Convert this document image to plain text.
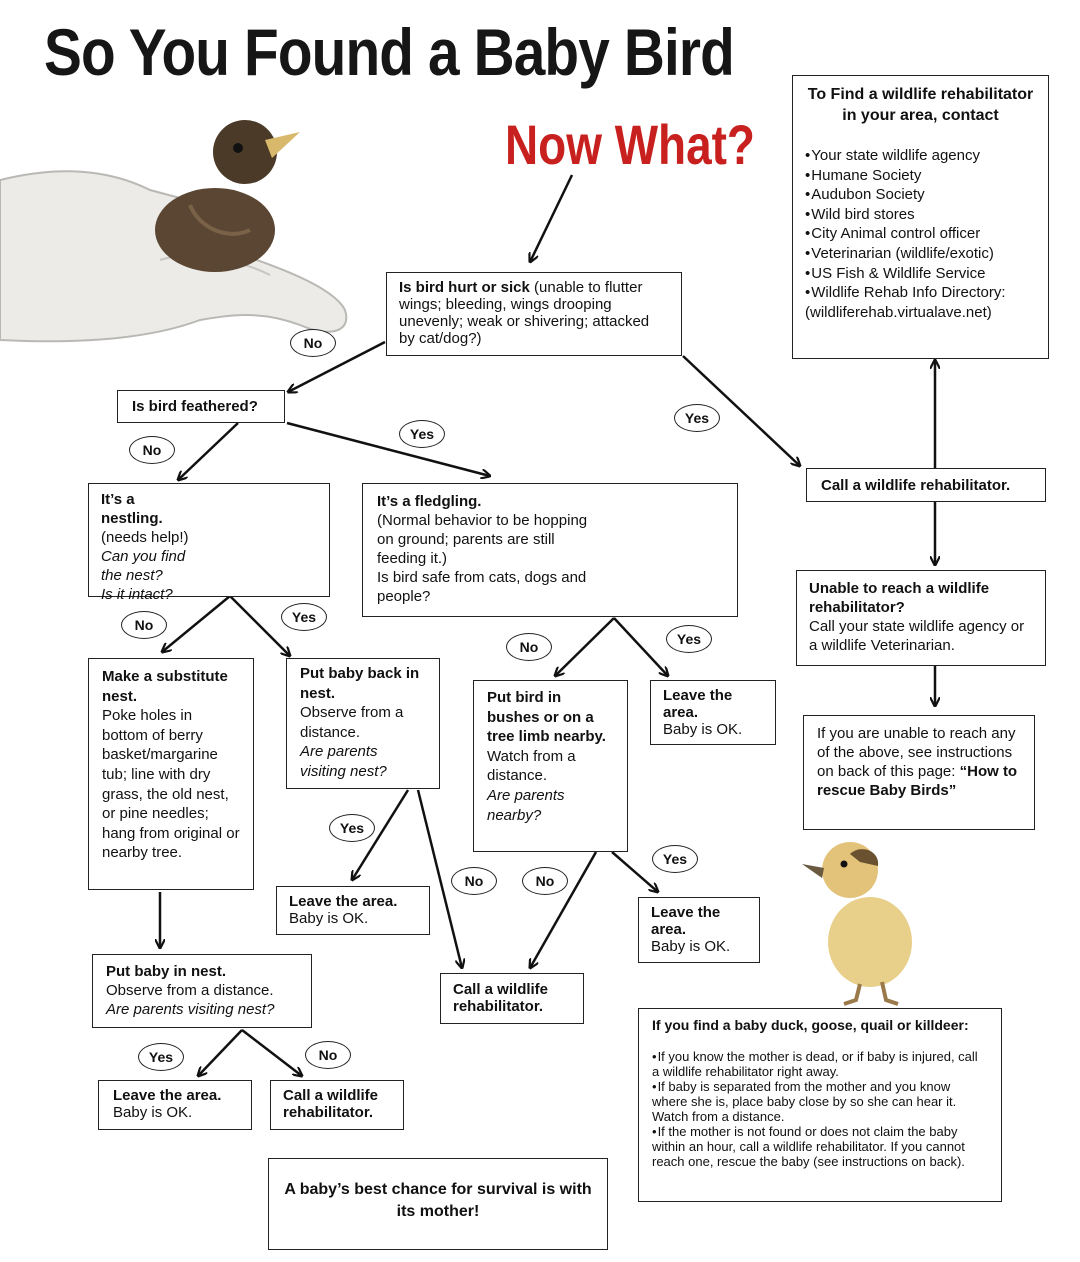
So You Found a Baby Bird
Now What?
To Find a wildlife rehabilitator in your area, contact
• Your state wildlife agency
• Humane Society
• Audubon Society
• Wild bird stores
• City Animal control officer
• Veterinarian (wildlife/exotic)
• US Fish & Wildlife Service
• Wildlife Rehab Info Directory: (wildliferehab.virtualave.net)
Is bird hurt or sick (unable to flutter wings; bleeding, wings drooping unevenly; weak or shivering; attacked by cat/dog?)
Is bird feathered?
Call a wildlife rehabilitator.
Unable to reach a wildlife rehabilitator?
Call your state wildlife agency or a wildlife Veterinarian.
If you are unable to reach any of the above, see instructions on back of this page: “How to rescue Baby Birds”
It’s a nestling.
(needs help!)
Can you find the nest?
Is it intact?
It’s a fledgling.
(Normal behavior to be hopping on ground; parents are still feeding it.)
Is bird safe from cats, dogs and people?
Make a substitute nest.
Poke holes in bottom of berry basket/margarine tub; line with dry grass, the old nest, or pine needles; hang from original or nearby tree.
Put baby back in nest.
Observe from a distance.
Are parents visiting nest?
Put bird in bushes or on a tree limb nearby.
Watch from a distance.
Are parents nearby?
Leave the area.
Baby is OK.
Leave the area.
Baby is OK.	Leave the area.
Baby is OK.
Call a wildlife rehabilitator.
Put baby in nest.
Observe from a distance.
Are parents visiting nest?
Leave the area.
Baby is OK.
Call a wildlife rehabilitator.
If you find a baby duck, goose, quail or killdeer:
• If you know the mother is dead, or if baby is injured, call a wildlife rehabilitator right away.
• If baby is separated from the mother and you know where she is, place baby close by so she can hear it. Watch from a distance.
• If the mother is not found or does not claim the baby within an hour, call a wildlife rehabilitator. If you cannot reach one, rescue the baby (see instructions on back).
A baby’s best chance for survival is with its mother!
No
Yes
No
Yes
No	Yes
No	Yes
Yes
No	No
Yes
Yes	No
